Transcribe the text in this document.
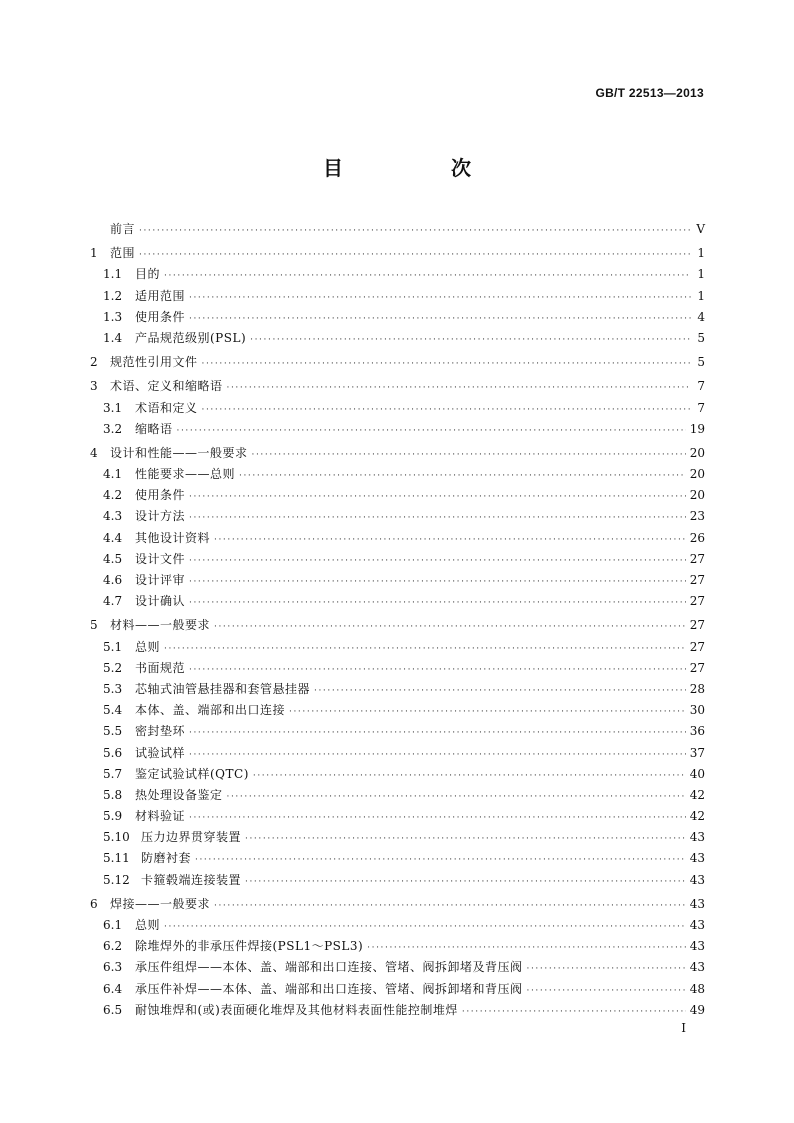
GB/T 22513—2013
目　次
前言 ·····	V
1	范围 ·····	1
1.1	目的 ·····	1
1.2	适用范围 ·····	1
1.3	使用条件 ·····	4
1.4	产品规范级别(PSL) ·····	5
2	规范性引用文件 ·····	5
3	术语、定义和缩略语 ·····	7
3.1	术语和定义 ·····	7
3.2	缩略语 ·····	19
4	设计和性能——一般要求 ·····	20
4.1	性能要求——总则 ·····	20
4.2	使用条件 ·····	20
4.3	设计方法 ·····	23
4.4	其他设计资料 ·····	26
4.5	设计文件 ·····	27
4.6	设计评审 ·····	27
4.7	设计确认 ·····	27
5	材料——一般要求 ·····	27
5.1	总则 ·····	27
5.2	书面规范 ·····	27
5.3	芯轴式油管悬挂器和套管悬挂器 ·····	28
5.4	本体、盖、端部和出口连接 ·····	30
5.5	密封垫环 ·····	36
5.6	试验试样 ·····	37
5.7	鉴定试验试样(QTC) ·····	40
5.8	热处理设备鉴定 ·····	42
5.9	材料验证 ·····	42
5.10 压力边界贯穿装置 ·····	43
5.11 防磨衬套 ·····	43
5.12 卡箍毂端连接装置 ·····	43
6	焊接——一般要求 ·····	43
6.1	总则 ·····	43
6.2	除堆焊外的非承压件焊接(PSL1～PSL3) ·····	43
6.3	承压件组焊——本体、盖、端部和出口连接、管堵、阀拆卸堵及背压阀 ·····	43
6.4	承压件补焊——本体、盖、端部和出口连接、管堵、阀拆卸堵和背压阀 ·····	48
6.5	耐蚀堆焊和(或)表面硬化堆焊及其他材料表面性能控制堆焊 ·····	49
I
